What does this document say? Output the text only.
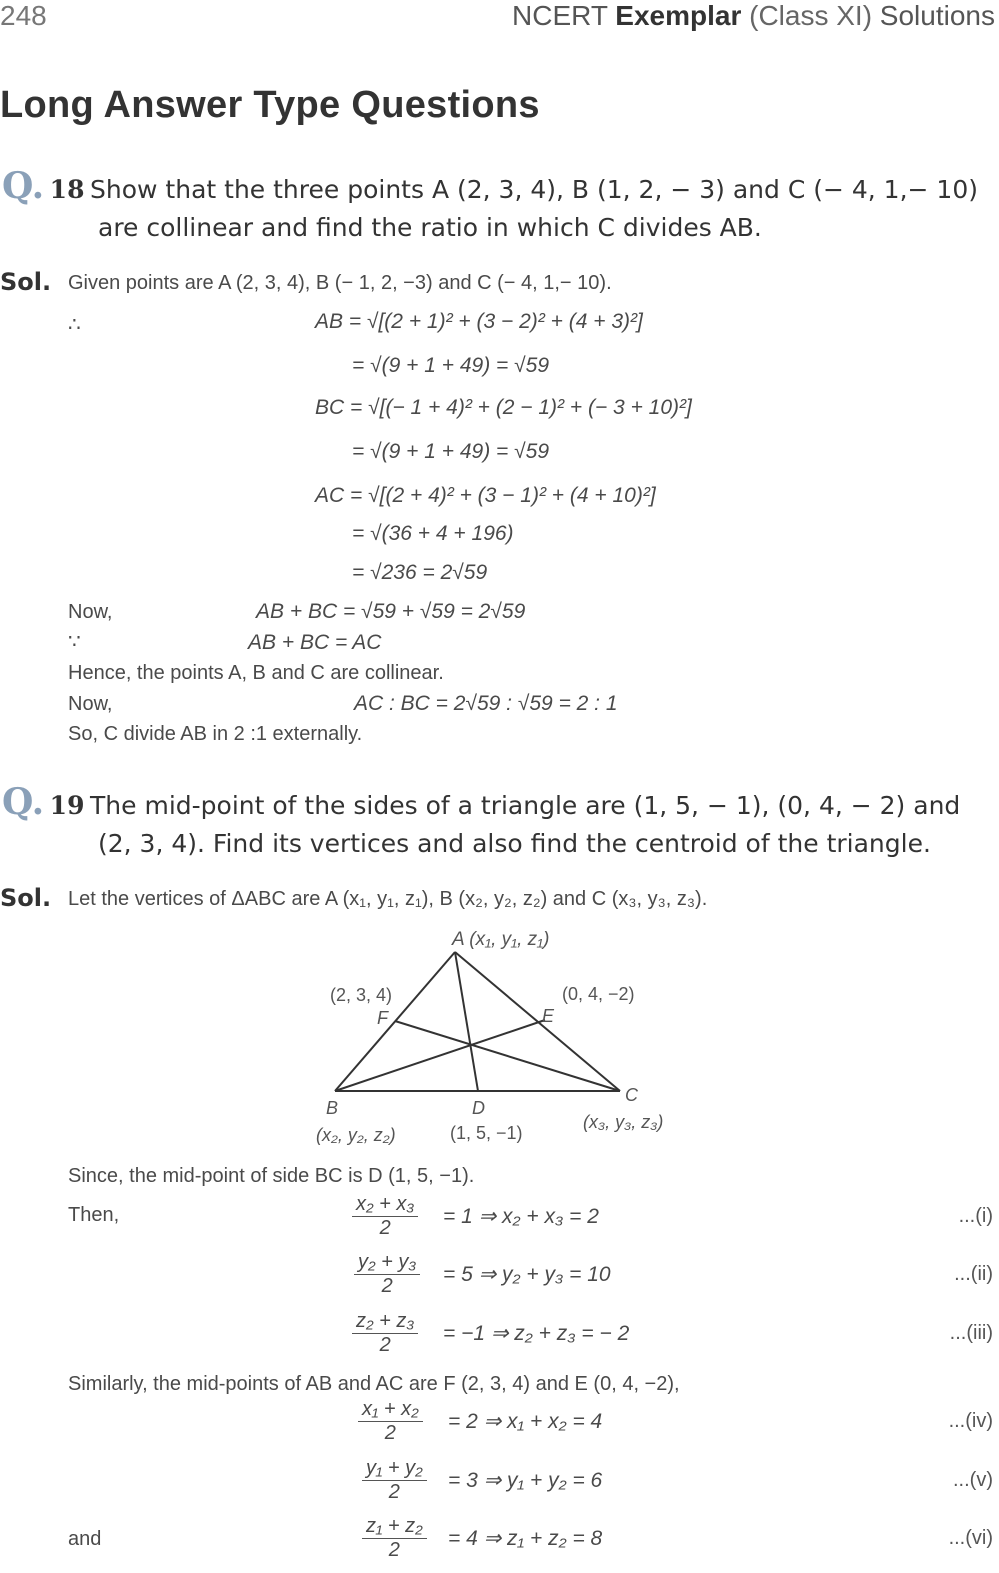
248	NCERT Exemplar (Class XI) Solutions
Long Answer Type Questions
Q. 18 Show that the three points A (2, 3, 4), B (1, 2, − 3) and C (− 4, 1,− 10)
are collinear and find the ratio in which C divides AB.
Sol. Given points are A (2, 3, 4), B (− 1, 2, −3) and C (− 4, 1,− 10).
∴	AB = √[(2 + 1)² + (3 − 2)² + (4 + 3)²]
= √(9 + 1 + 49) = √59
BC = √[(− 1 + 4)² + (2 − 1)² + (− 3 + 10)²]
= √(9 + 1 + 49) = √59
AC = √[(2 + 4)² + (3 − 1)² + (4 + 10)²]
= √(36 + 4 + 196)
= √236 = 2√59
Now,	AB + BC = √59 + √59 = 2√59
∵	AB + BC = AC
Hence, the points A, B and C are collinear.
Now,	AC : BC = 2√59 : √59 = 2 : 1
So, C divide AB in 2 :1 externally.
Q. 19 The mid-point of the sides of a triangle are (1, 5, − 1), (0, 4, − 2) and
(2, 3, 4). Find its vertices and also find the centroid of the triangle.
Sol. Let the vertices of ΔABC are A (x₁, y₁, z₁), B (x₂, y₂, z₂) and C (x₃, y₃, z₃).
A (x₁, y₁, z₁)
(2, 3, 4)
F
(0, 4, −2)
E
C
B	D
(x₂, y₂, z₂)	(1, 5, −1)
(x₃, y₃, z₃)
Since, the mid-point of side BC is D (1, 5, −1).
Then,	$\frac{\text{x₂ + x₃}}{2} = 1$ ⇒ x₂ + x₃ = 2	...(i)
$\frac{\text{y₂ + y₃}}{2} = 5$ ⇒ y₂ + y₃ = 10	...(ii)
$\frac{\text{z₂ + z₃}}{2} = -1$ ⇒ z₂ + z₃ = − 2	...(iii)
Similarly, the mid-points of AB and AC are F (2, 3, 4) and E (0, 4, −2),
$\frac{\text{x₁ + x₂}}{2} = 2$ ⇒ x₁ + x₂ = 4	...(iv)
$\frac{\text{y₁ + y₂}}{2} = 3$ ⇒ y₁ + y₂ = 6	...(v)
and	$\frac{\text{z₁ + z₂}}{2} = 4$ ⇒ z₁ + z₂ = 8	...(vi)
